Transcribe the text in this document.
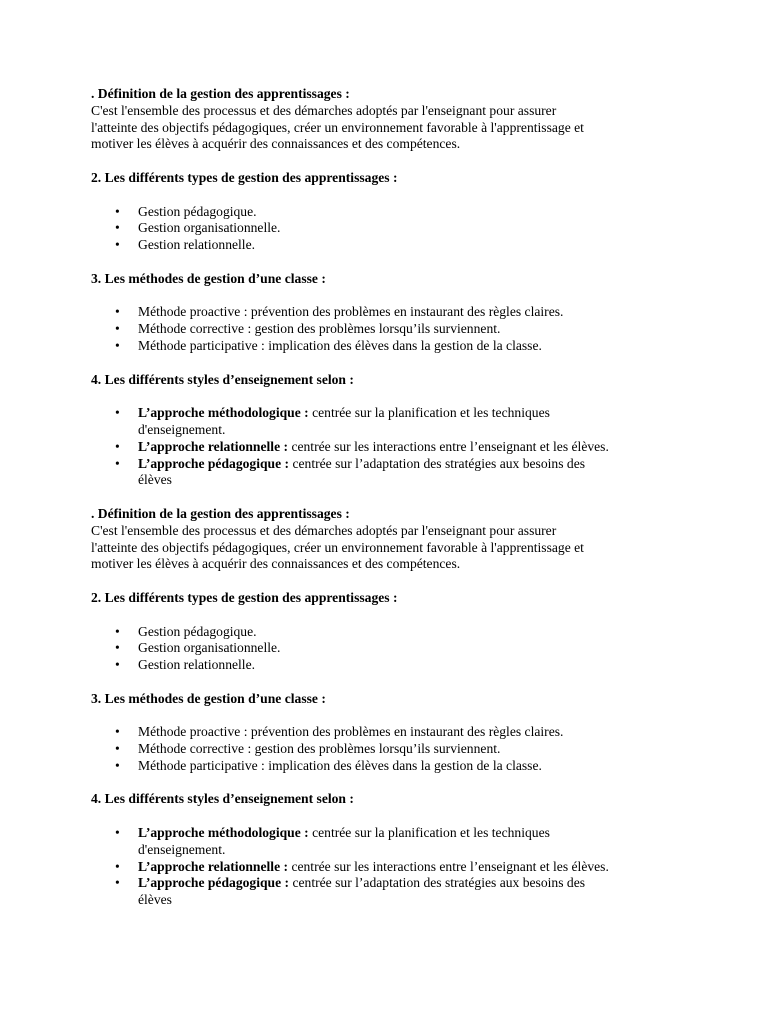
. Définition de la gestion des apprentissages :

C'est l'ensemble des processus et des démarches adoptés par l'enseignant pour assurer

l'atteinte des objectifs pédagogiques, créer un environnement favorable à l'apprentissage et

motiver les élèves à acquérir des connaissances et des compétences.

2. Les différents types de gestion des apprentissages :

• Gestion pédagogique.
• Gestion organisationnelle.
• Gestion relationnelle.

3. Les méthodes de gestion d’une classe :

• Méthode proactive : prévention des problèmes en instaurant des règles claires.
• Méthode corrective : gestion des problèmes lorsqu’ils surviennent.
• Méthode participative : implication des élèves dans la gestion de la classe.

4. Les différents styles d’enseignement selon :

• L’approche méthodologique : centrée sur la planification et les techniques
d'enseignement.
• L’approche relationnelle : centrée sur les interactions entre l’enseignant et les élèves.
• L’approche pédagogique : centrée sur l’adaptation des stratégies aux besoins des
élèves

. Définition de la gestion des apprentissages :

C'est l'ensemble des processus et des démarches adoptés par l'enseignant pour assurer

l'atteinte des objectifs pédagogiques, créer un environnement favorable à l'apprentissage et

motiver les élèves à acquérir des connaissances et des compétences.

2. Les différents types de gestion des apprentissages :

• Gestion pédagogique.
• Gestion organisationnelle.
• Gestion relationnelle.

3. Les méthodes de gestion d’une classe :

• Méthode proactive : prévention des problèmes en instaurant des règles claires.
• Méthode corrective : gestion des problèmes lorsqu’ils surviennent.
• Méthode participative : implication des élèves dans la gestion de la classe.

4. Les différents styles d’enseignement selon :

• L’approche méthodologique : centrée sur la planification et les techniques
d'enseignement.
• L’approche relationnelle : centrée sur les interactions entre l’enseignant et les élèves.
• L’approche pédagogique : centrée sur l’adaptation des stratégies aux besoins des
élèves
